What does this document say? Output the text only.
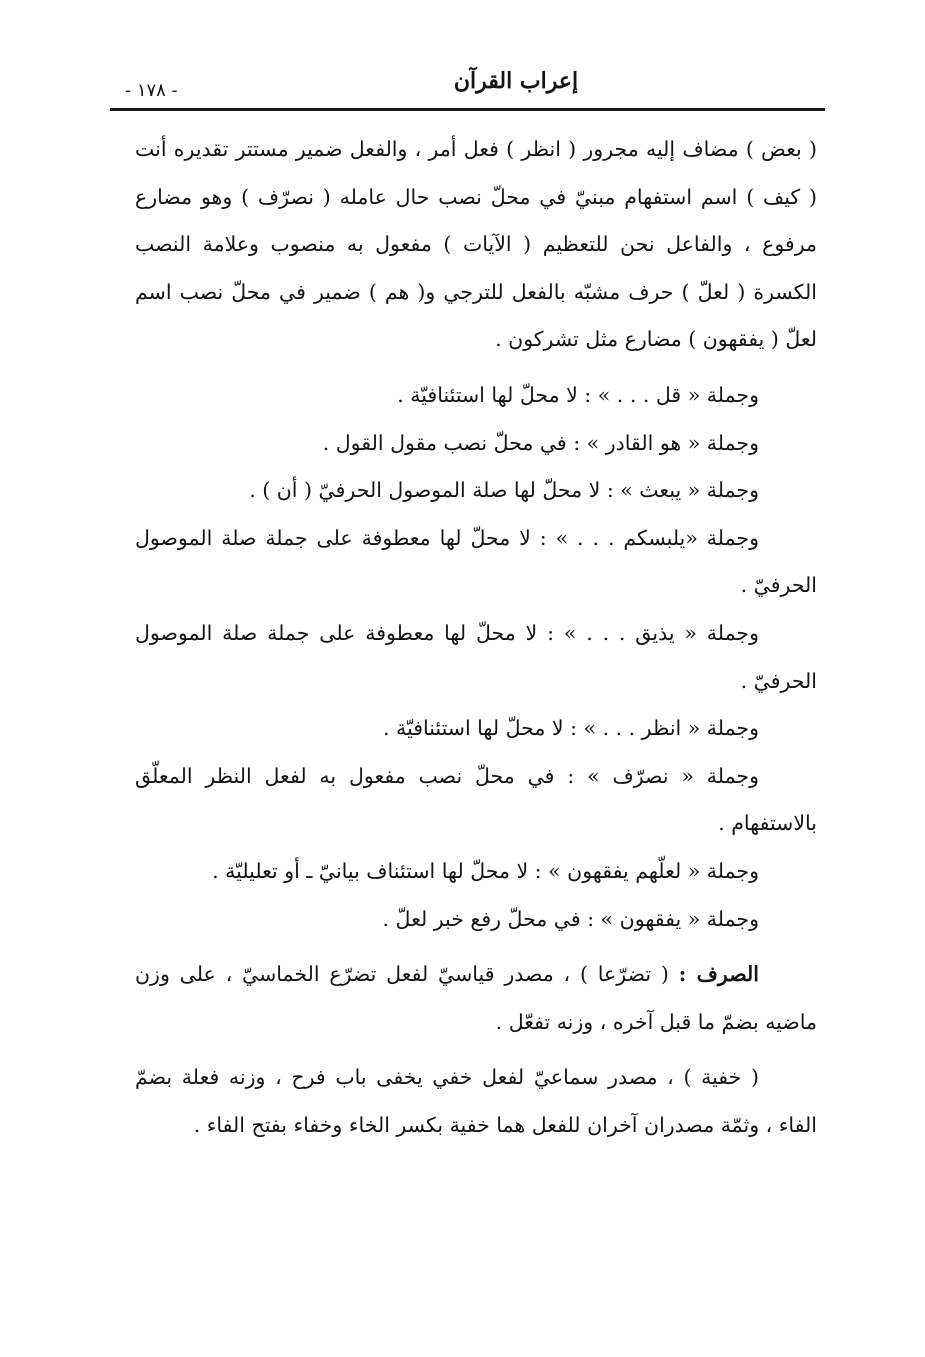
إعراب القرآن
- ١٧٨ -

( بعض ) مضاف إليه مجرور ( انظر ) فعل أمر ، والفعل ضمير مستتر تقديره أنت ( كيف ) اسم استفهام مبنيّ في محلّ نصب حال عامله ( نصرّف ) وهو مضارع مرفوع ، والفاعل نحن للتعظيم ( الآيات ) مفعول به منصوب وعلامة النصب الكسرة ( لعلّ ) حرف مشبّه بالفعل للترجي و( هم ) ضمير في محلّ نصب اسم لعلّ ( يفقهون ) مضارع مثل تشركون .

وجملة « قل . . . » : لا محلّ لها استئنافيّة .

وجملة « هو القادر » : في محلّ نصب مقول القول .

وجملة « يبعث » : لا محلّ لها صلة الموصول الحرفيّ ( أن ) .

وجملة «يلبسكم . . . » : لا محلّ لها معطوفة على جملة صلة الموصول الحرفيّ .

وجملة « يذيق . . . » : لا محلّ لها معطوفة على جملة صلة الموصول الحرفيّ .

وجملة « انظر . . . » : لا محلّ لها استئنافيّة .

وجملة « نصرّف » : في محلّ نصب مفعول به لفعل النظر المعلّق بالاستفهام .

وجملة « لعلّهم يفقهون » : لا محلّ لها استئناف بيانيّ ـ أو تعليليّة .

وجملة « يفقهون » : في محلّ رفع خبر لعلّ .

الصرف : ( تضرّعا ) ، مصدر قياسيّ لفعل تضرّع الخماسيّ ، على وزن ماضيه بضمّ ما قبل آخره ، وزنه تفعّل .

( خفية ) ، مصدر سماعيّ لفعل خفي يخفى باب فرح ، وزنه فعلة بضمّ الفاء ، وثمّة مصدران آخران للفعل هما خفية بكسر الخاء وخفاء بفتح الفاء .
